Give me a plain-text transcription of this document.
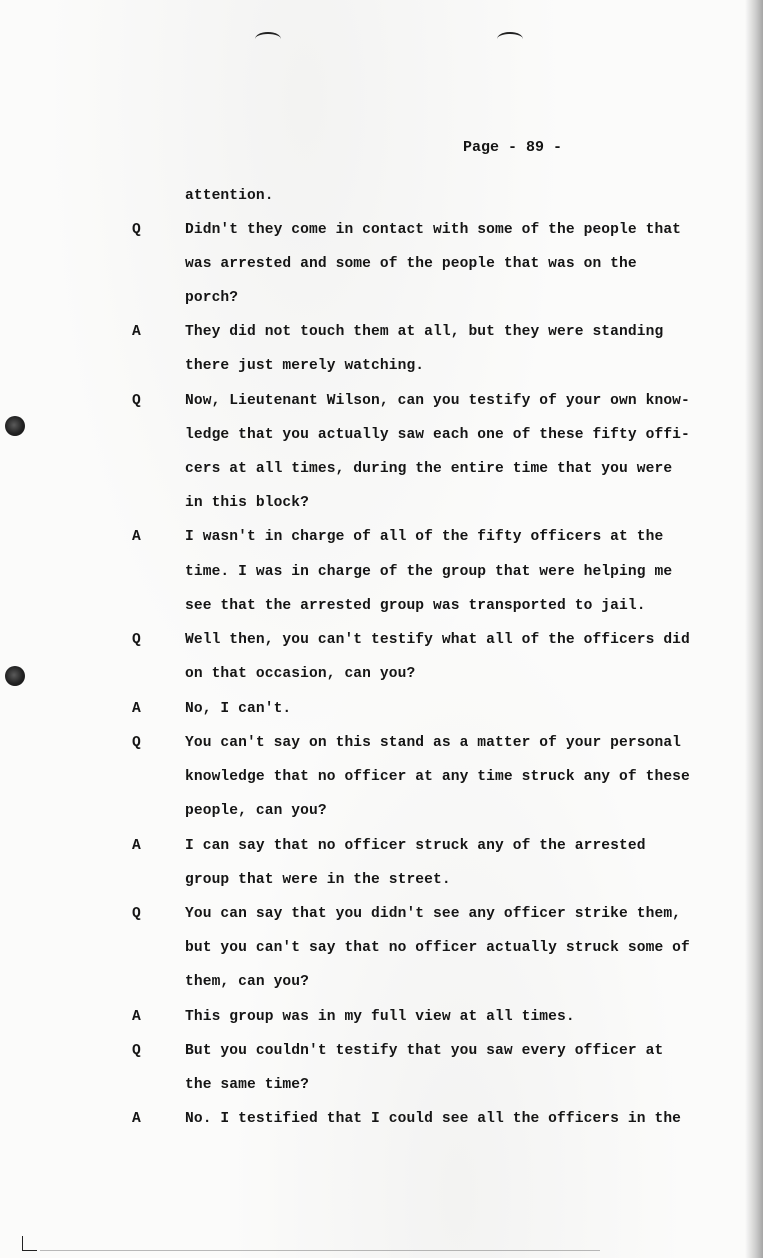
Page - 89 -
attention.
Q	Didn't they come in contact with some of the people that
was arrested and some of the people that was on the
porch?
A	They did not touch them at all, but they were standing
there just merely watching.
Q	Now, Lieutenant Wilson, can you testify of your own know-
ledge that you actually saw each one of these fifty offi-
cers at all times, during the entire time that you were
in this block?
A	I wasn't in charge of all of the fifty officers at the
time. I was in charge of the group that were helping me
see that the arrested group was transported to jail.
Q	Well then, you can't testify what all of the officers did
on that occasion, can you?
A	No, I can't.
Q	You can't say on this stand as a matter of your personal
knowledge that no officer at any time struck any of these
people, can you?
A	I can say that no officer struck any of the arrested
group that were in the street.
Q	You can say that you didn't see any officer strike them,
but you can't say that no officer actually struck some of
them, can you?
A	This group was in my full view at all times.
Q	But you couldn't testify that you saw every officer at
the same time?
A	No. I testified that I could see all the officers in the
